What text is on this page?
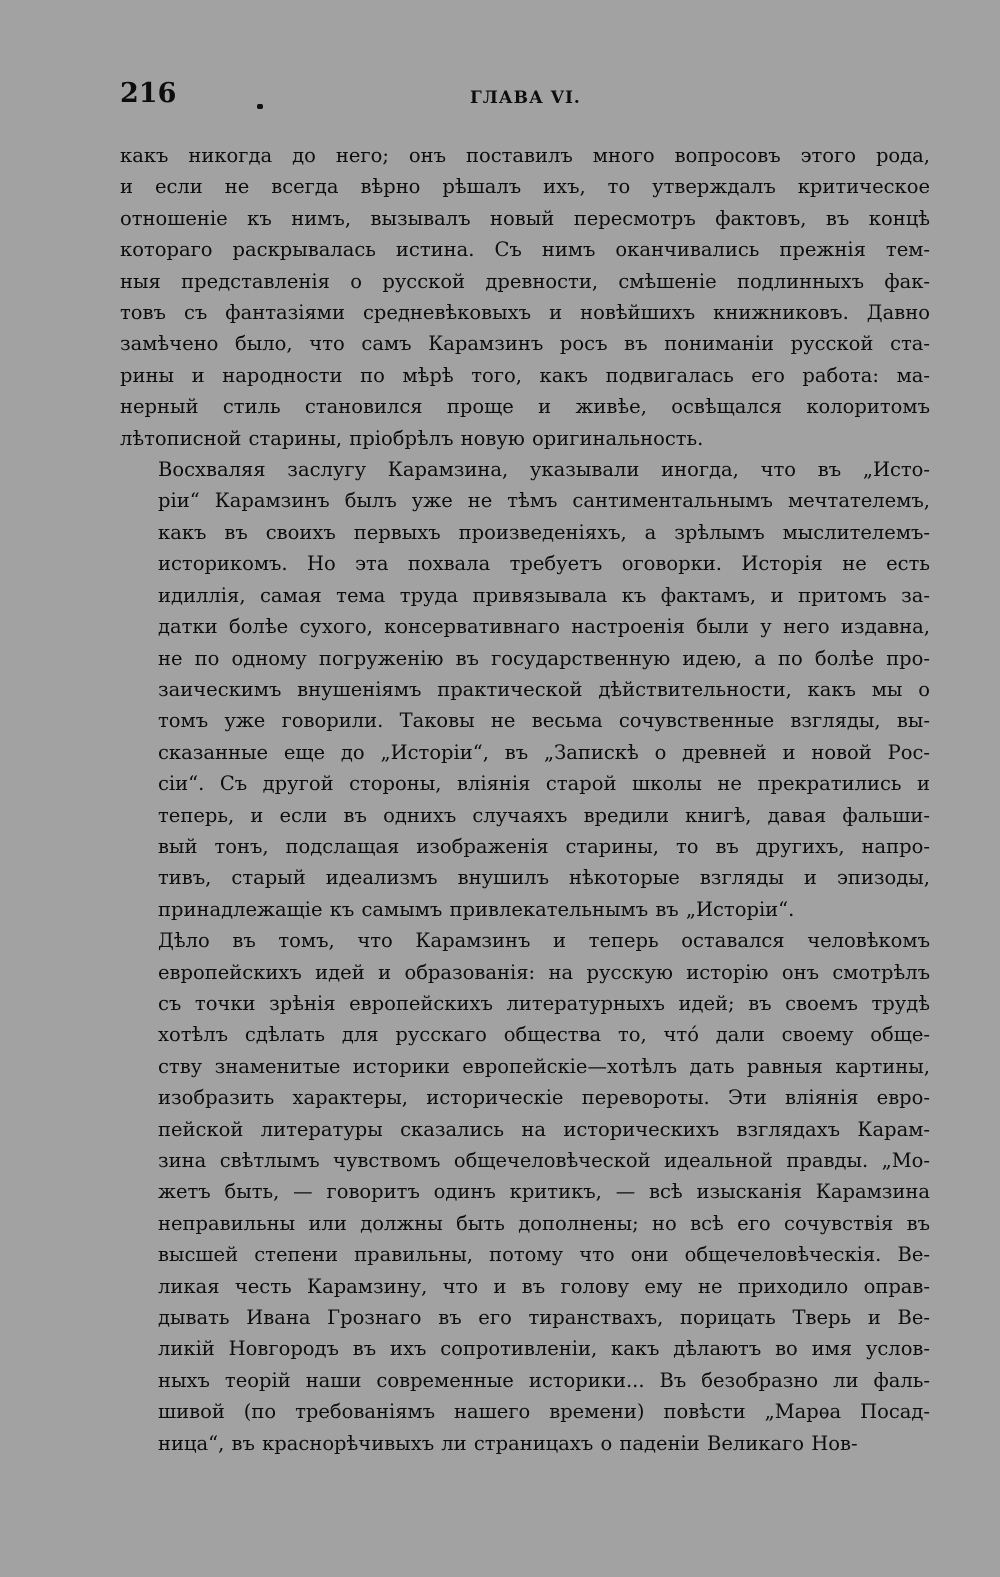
216	ГЛАВА VI.

какъ никогда до него; онъ поставилъ много вопросовъ этого рода,
и если не всегда вѣрно рѣшалъ ихъ, то утверждалъ критическое
отношеніе къ нимъ, вызывалъ новый пересмотръ фактовъ, въ концѣ
котораго раскрывалась истина. Съ нимъ оканчивались прежнія тем-
ныя представленія о русской древности, смѣшеніе подлинныхъ фак-
товъ съ фантазіями средневѣковыхъ и новѣйшихъ книжниковъ. Давно
замѣчено было, что самъ Карамзинъ росъ въ пониманіи русской ста-
рины и народности по мѣрѣ того, какъ подвигалась его работа: ма-
нерный стиль становился проще и живѣе, освѣщался колоритомъ
лѣтописной старины, пріобрѣлъ новую оригинальность.

Восхваляя заслугу Карамзина, указывали иногда, что въ „Исто-
ріи“ Карамзинъ былъ уже не тѣмъ сантиментальнымъ мечтателемъ,
какъ въ своихъ первыхъ произведеніяхъ, а зрѣлымъ мыслителемъ-
историкомъ. Но эта похвала требуетъ оговорки. Исторія не есть
идиллія, самая тема труда привязывала къ фактамъ, и притомъ за-
датки болѣе сухого, консервативнаго настроенія были у него издавна,
не по одному погруженію въ государственную идею, а по болѣе про-
заическимъ внушеніямъ практической дѣйствительности, какъ мы о
томъ уже говорили. Таковы не весьма сочувственные взгляды, вы-
сказанные еще до „Исторіи“, въ „Запискѣ о древней и новой Рос-
сіи“. Съ другой стороны, вліянія старой школы не прекратились и
теперь, и если въ однихъ случаяхъ вредили книгѣ, давая фальши-
вый тонъ, подслащая изображенія старины, то въ другихъ, напро-
тивъ, старый идеализмъ внушилъ нѣкоторые взгляды и эпизоды,
принадлежащіе къ самымъ привлекательнымъ въ „Исторіи“.

Дѣло въ томъ, что Карамзинъ и теперь оставался человѣкомъ
европейскихъ идей и образованія: на русскую исторію онъ смотрѣлъ
съ точки зрѣнія европейскихъ литературныхъ идей; въ своемъ трудѣ
хотѣлъ сдѣлать для русскаго общества то, что́ дали своему обще-
ству знаменитые историки европейскіе—хотѣлъ дать равныя картины,
изобразить характеры, историческіе перевороты. Эти вліянія евро-
пейской литературы сказались на историческихъ взглядахъ Карам-
зина свѣтлымъ чувствомъ общечеловѣческой идеальной правды. „Мо-
жетъ быть, — говоритъ одинъ критикъ, — всѣ изысканія Карамзина
неправильны или должны быть дополнены; но всѣ его сочувствія въ
высшей степени правильны, потому что они общечеловѣческія. Ве-
ликая честь Карамзину, что и въ голову ему не приходило оправ-
дывать Ивана Грознаго въ его тиранствахъ, порицать Тверь и Ве-
ликій Новгородъ въ ихъ сопротивленіи, какъ дѣлаютъ во имя услов-
ныхъ теорій наши современные историки... Въ безобразно ли фаль-
шивой (по требованіямъ нашего времени) повѣсти „Марѳа Посад-
ница“, въ краснорѣчивыхъ ли страницахъ о паденіи Великаго Нов-
